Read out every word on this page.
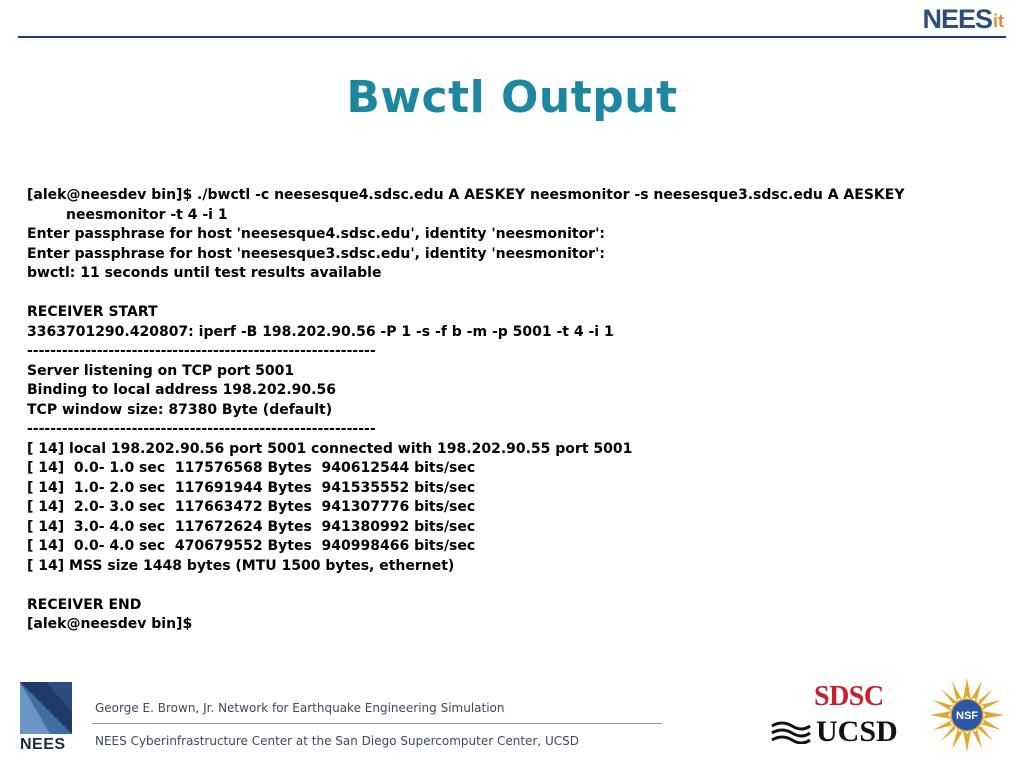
NEES it
Bwctl Output
[alek@neesdev bin]$ ./bwctl -c neesesque4.sdsc.edu A AESKEY neesmonitor -s neesesque3.sdsc.edu A AESKEY
neesmonitor -t 4 -i 1
Enter passphrase for host 'neesesque4.sdsc.edu', identity 'neesmonitor':
Enter passphrase for host 'neesesque3.sdsc.edu', identity 'neesmonitor':
bwctl: 11 seconds until test results available
RECEIVER START
3363701290.420807: iperf -B 198.202.90.56 -P 1 -s -f b -m -p 5001 -t 4 -i 1
------------------------------------------------------------
Server listening on TCP port 5001
Binding to local address 198.202.90.56
TCP window size: 87380 Byte (default)
------------------------------------------------------------
[ 14] local 198.202.90.56 port 5001 connected with 198.202.90.55 port 5001
[ 14]  0.0- 1.0 sec  117576568 Bytes  940612544 bits/sec
[ 14]  1.0- 2.0 sec  117691944 Bytes  941535552 bits/sec
[ 14]  2.0- 3.0 sec  117663472 Bytes  941307776 bits/sec
[ 14]  3.0- 4.0 sec  117672624 Bytes  941380992 bits/sec
[ 14]  0.0- 4.0 sec  470679552 Bytes  940998466 bits/sec
[ 14] MSS size 1448 bytes (MTU 1500 bytes, ethernet)
RECEIVER END
[alek@neesdev bin]$
NEES
George E. Brown, Jr. Network for Earthquake Engineering Simulation
NEES Cyberinfrastructure Center at the San Diego Supercomputer Center, UCSD
SDSC
UCSD	NSF
